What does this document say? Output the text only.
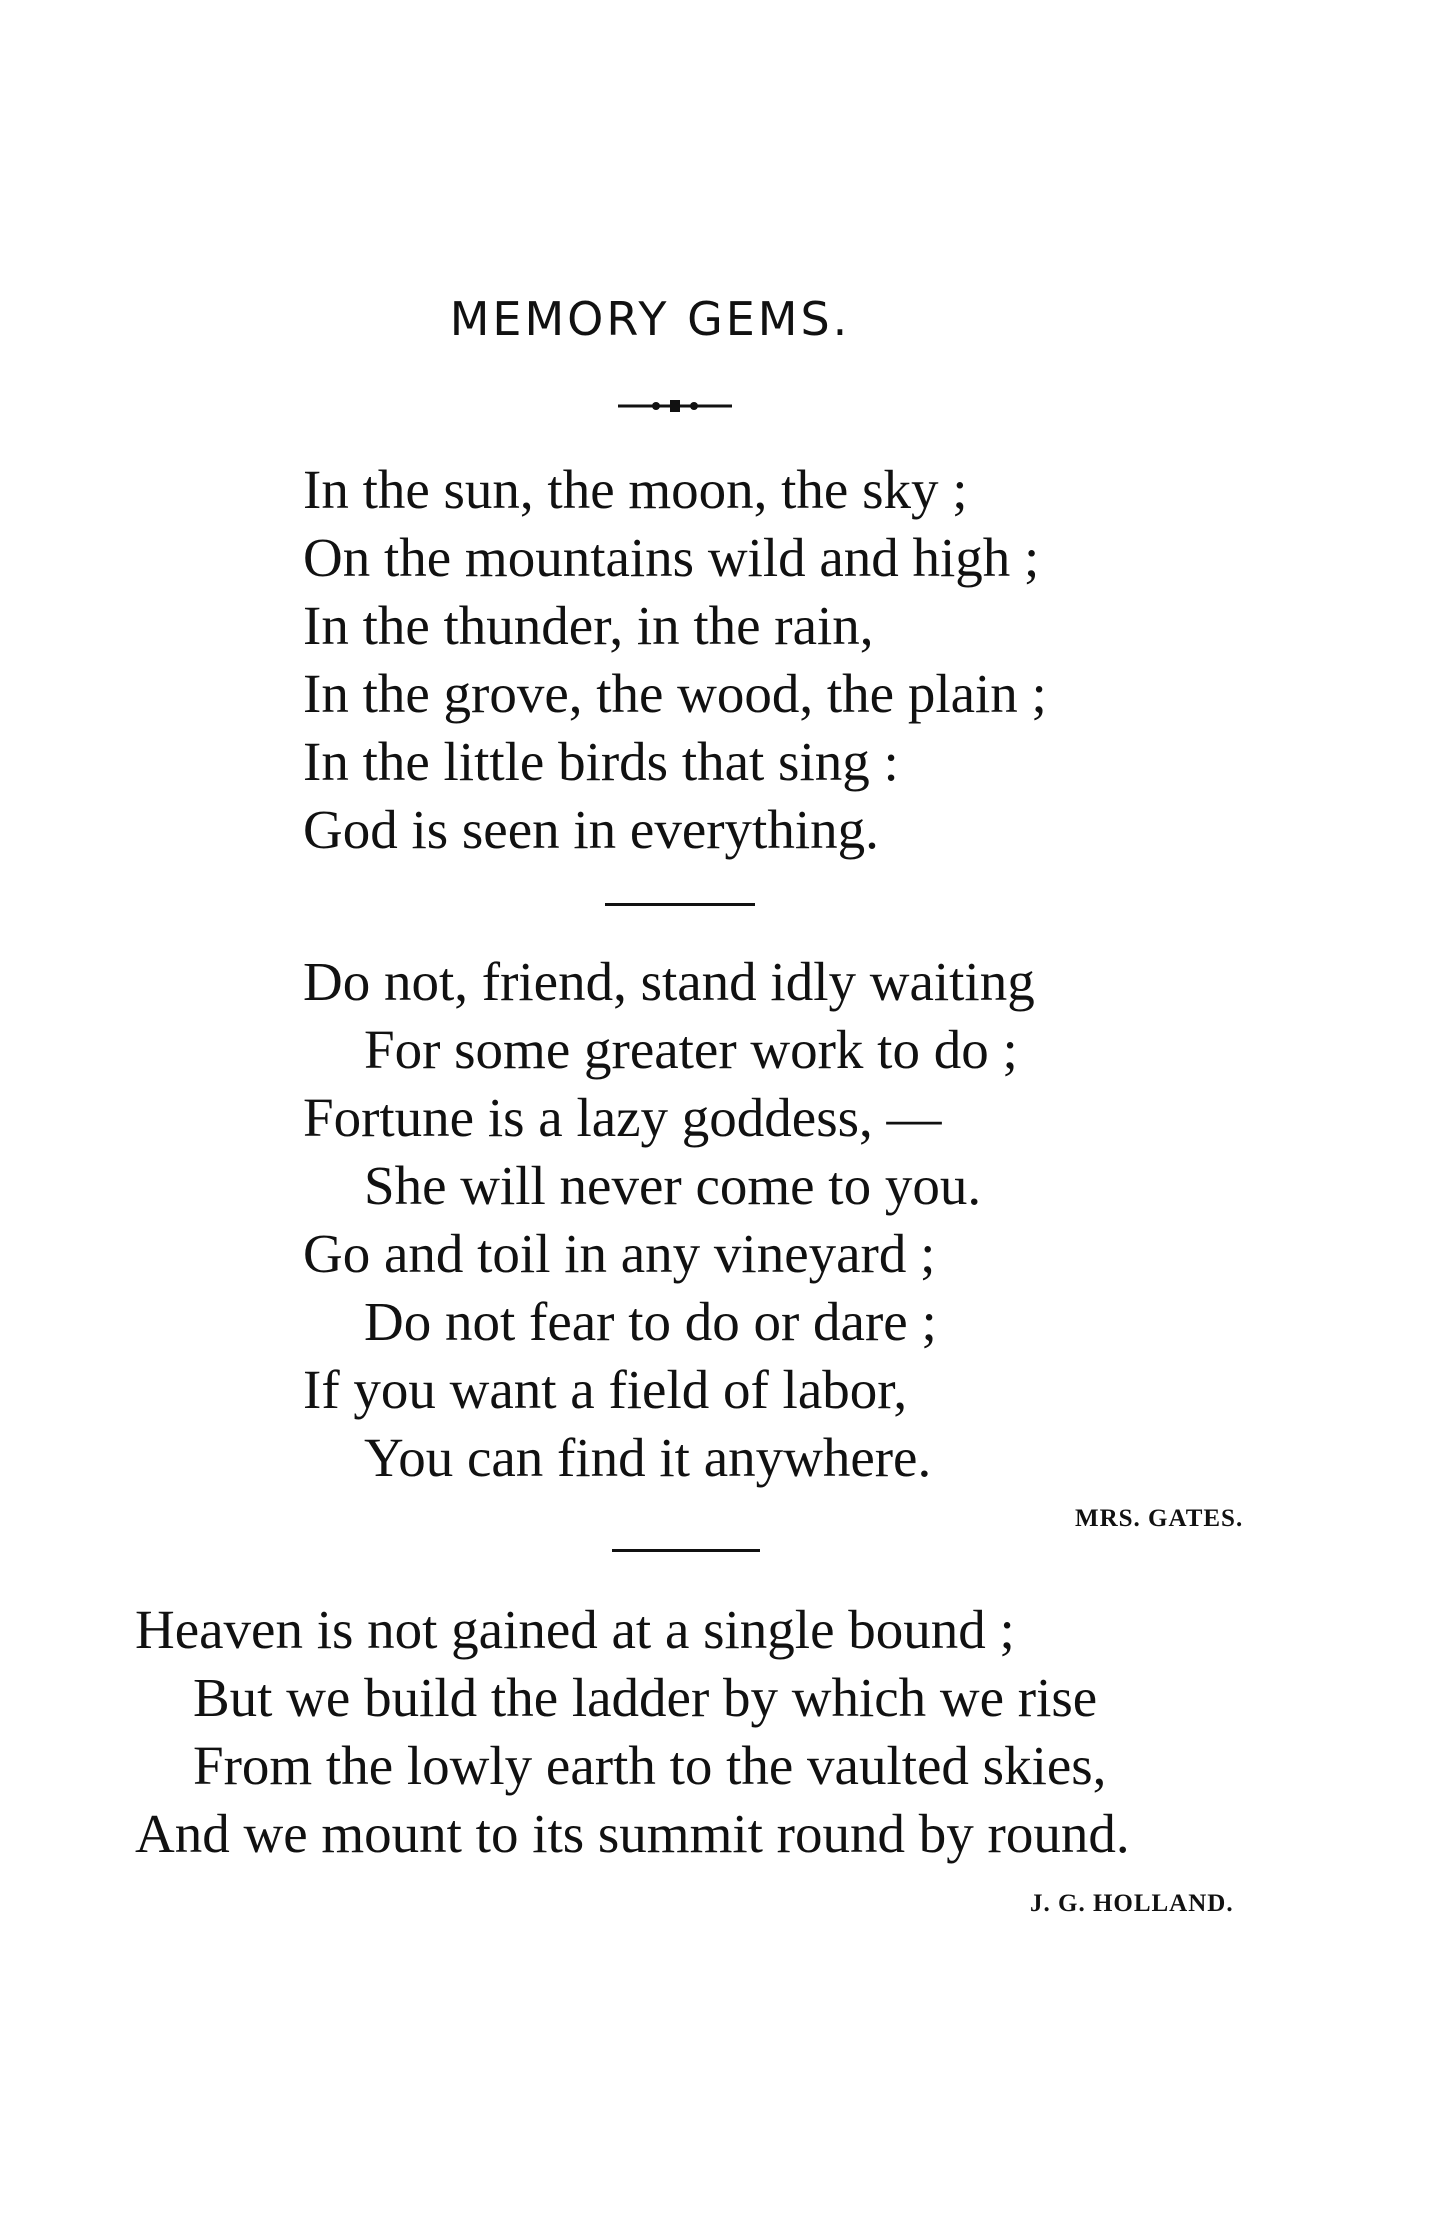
MEMORY GEMS.
In the sun, the moon, the sky ;
On the mountains wild and high ;
In the thunder, in the rain,
In the grove, the wood, the plain ;
In the little birds that sing :
God is seen in everything.
Do not, friend, stand idly waiting
For some greater work to do ;
Fortune is a lazy goddess, —
She will never come to you.
Go and toil in any vineyard ;
Do not fear to do or dare ;
If you want a field of labor,
You can find it anywhere.
MRS. GATES.
Heaven is not gained at a single bound ;
But we build the ladder by which we rise
From the lowly earth to the vaulted skies,
And we mount to its summit round by round.
J. G. HOLLAND.
